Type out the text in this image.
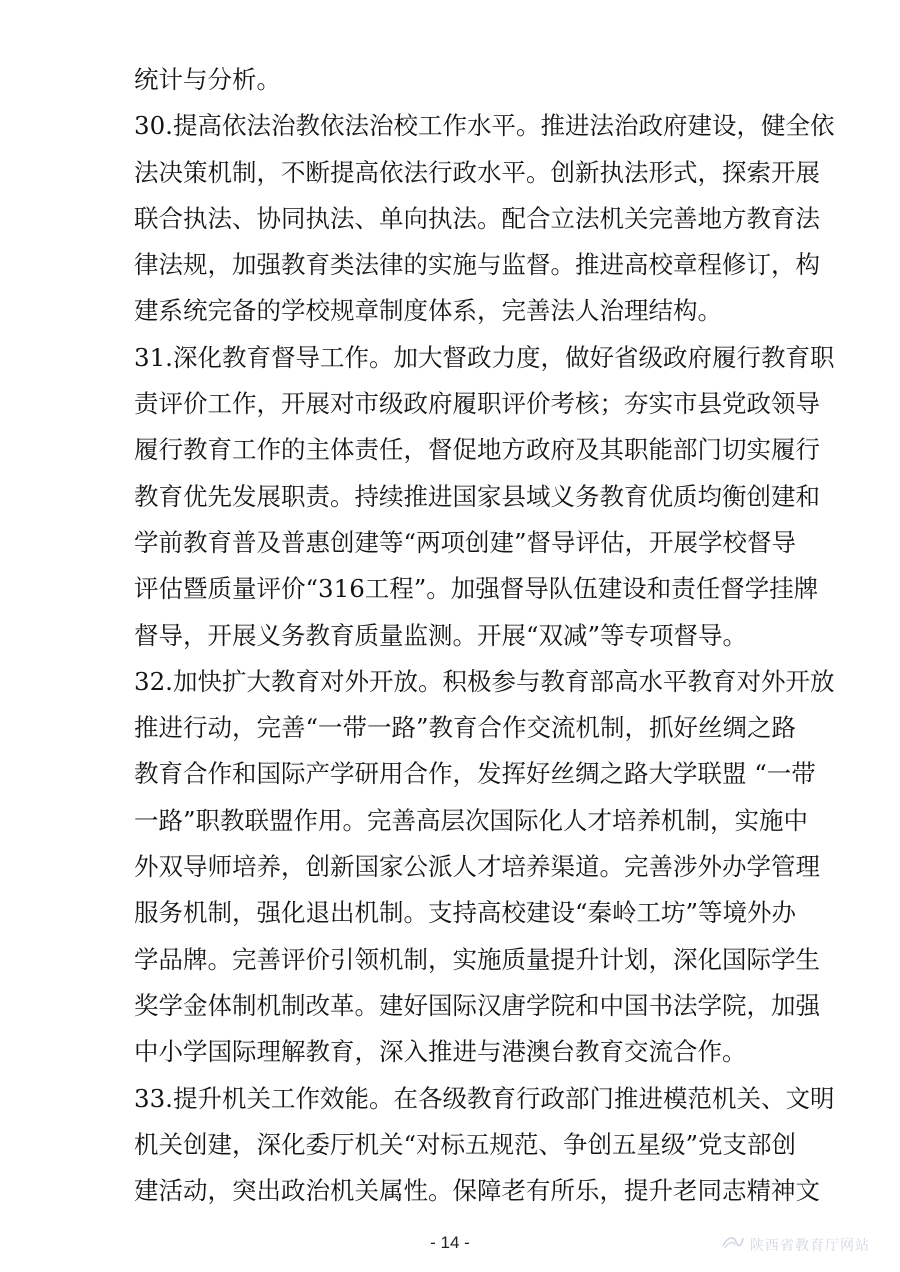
统计与分析。
30.提高依法治教依法治校工作水平。推进法治政府建设，健全依
法决策机制，不断提高依法行政水平。创新执法形式，探索开展
联合执法、协同执法、单向执法。配合立法机关完善地方教育法
律法规，加强教育类法律的实施与监督。推进高校章程修订，构
建系统完备的学校规章制度体系，完善法人治理结构。
31.深化教育督导工作。加大督政力度，做好省级政府履行教育职
责评价工作，开展对市级政府履职评价考核；夯实市县党政领导
履行教育工作的主体责任，督促地方政府及其职能部门切实履行
教育优先发展职责。持续推进国家县域义务教育优质均衡创建和
学前教育普及普惠创建等“两项创建”督导评估，开展学校督导
评估暨质量评价“316工程”。加强督导队伍建设和责任督学挂牌
督导，开展义务教育质量监测。开展“双减”等专项督导。
32.加快扩大教育对外开放。积极参与教育部高水平教育对外开放
推进行动，完善“一带一路”教育合作交流机制，抓好丝绸之路
教育合作和国际产学研用合作，发挥好丝绸之路大学联盟 “一带
一路”职教联盟作用。完善高层次国际化人才培养机制，实施中
外双导师培养，创新国家公派人才培养渠道。完善涉外办学管理
服务机制，强化退出机制。支持高校建设“秦岭工坊”等境外办
学品牌。完善评价引领机制，实施质量提升计划，深化国际学生
奖学金体制机制改革。建好国际汉唐学院和中国书法学院，加强
中小学国际理解教育，深入推进与港澳台教育交流合作。
33.提升机关工作效能。在各级教育行政部门推进模范机关、文明
机关创建，深化委厅机关“对标五规范、争创五星级”党支部创
建活动，突出政治机关属性。保障老有所乐，提升老同志精神文
- 14 -	陕西省教育厅网站
